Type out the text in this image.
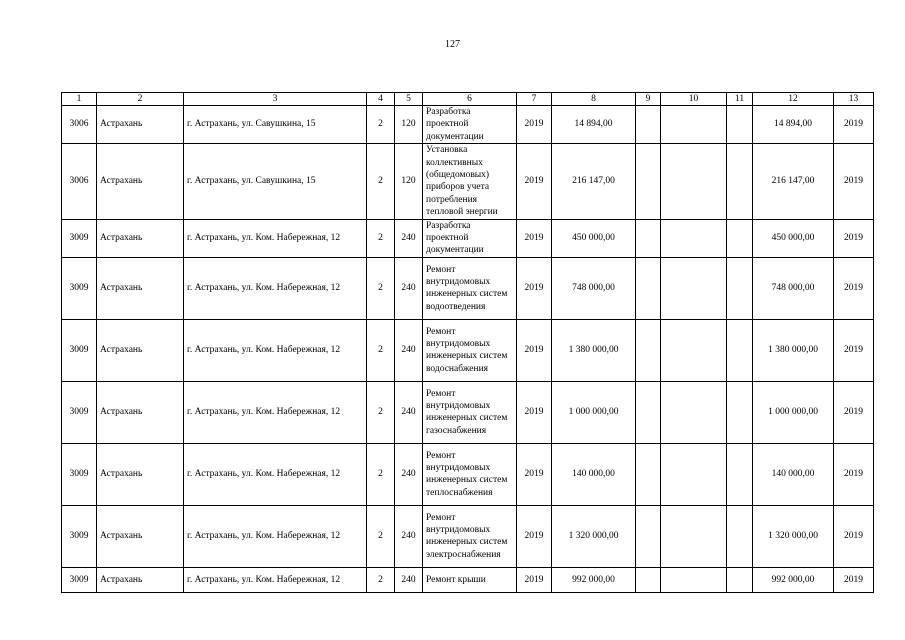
127
1	2	3	4	5	6	7	8	9	10	11	12	13
3006	Астрахань	г. Астрахань, ул. Савушкина, 15	2	120	Разработка проектной документации	2019	14 894,00				14 894,00	2019
3006	Астрахань	г. Астрахань, ул. Савушкина, 15	2	120	Установка коллективных (общедомовых) приборов учета потребления тепловой энергии	2019	216 147,00				216 147,00	2019
3009	Астрахань	г. Астрахань, ул. Ком. Набережная, 12	2	240	Разработка проектной документации	2019	450 000,00				450 000,00	2019
3009	Астрахань	г. Астрахань, ул. Ком. Набережная, 12	2	240	Ремонт внутридомовых инженерных систем водоотведения	2019	748 000,00				748 000,00	2019
3009	Астрахань	г. Астрахань, ул. Ком. Набережная, 12	2	240	Ремонт внутридомовых инженерных систем водоснабжения	2019	1 380 000,00				1 380 000,00	2019
3009	Астрахань	г. Астрахань, ул. Ком. Набережная, 12	2	240	Ремонт внутридомовых инженерных систем газоснабжения	2019	1 000 000,00				1 000 000,00	2019
3009	Астрахань	г. Астрахань, ул. Ком. Набережная, 12	2	240	Ремонт внутридомовых инженерных систем теплоснабжения	2019	140 000,00				140 000,00	2019
3009	Астрахань	г. Астрахань, ул. Ком. Набережная, 12	2	240	Ремонт внутридомовых инженерных систем электроснабжения	2019	1 320 000,00				1 320 000,00	2019
3009	Астрахань	г. Астрахань, ул. Ком. Набережная, 12	2	240	Ремонт крыши	2019	992 000,00				992 000,00	2019
